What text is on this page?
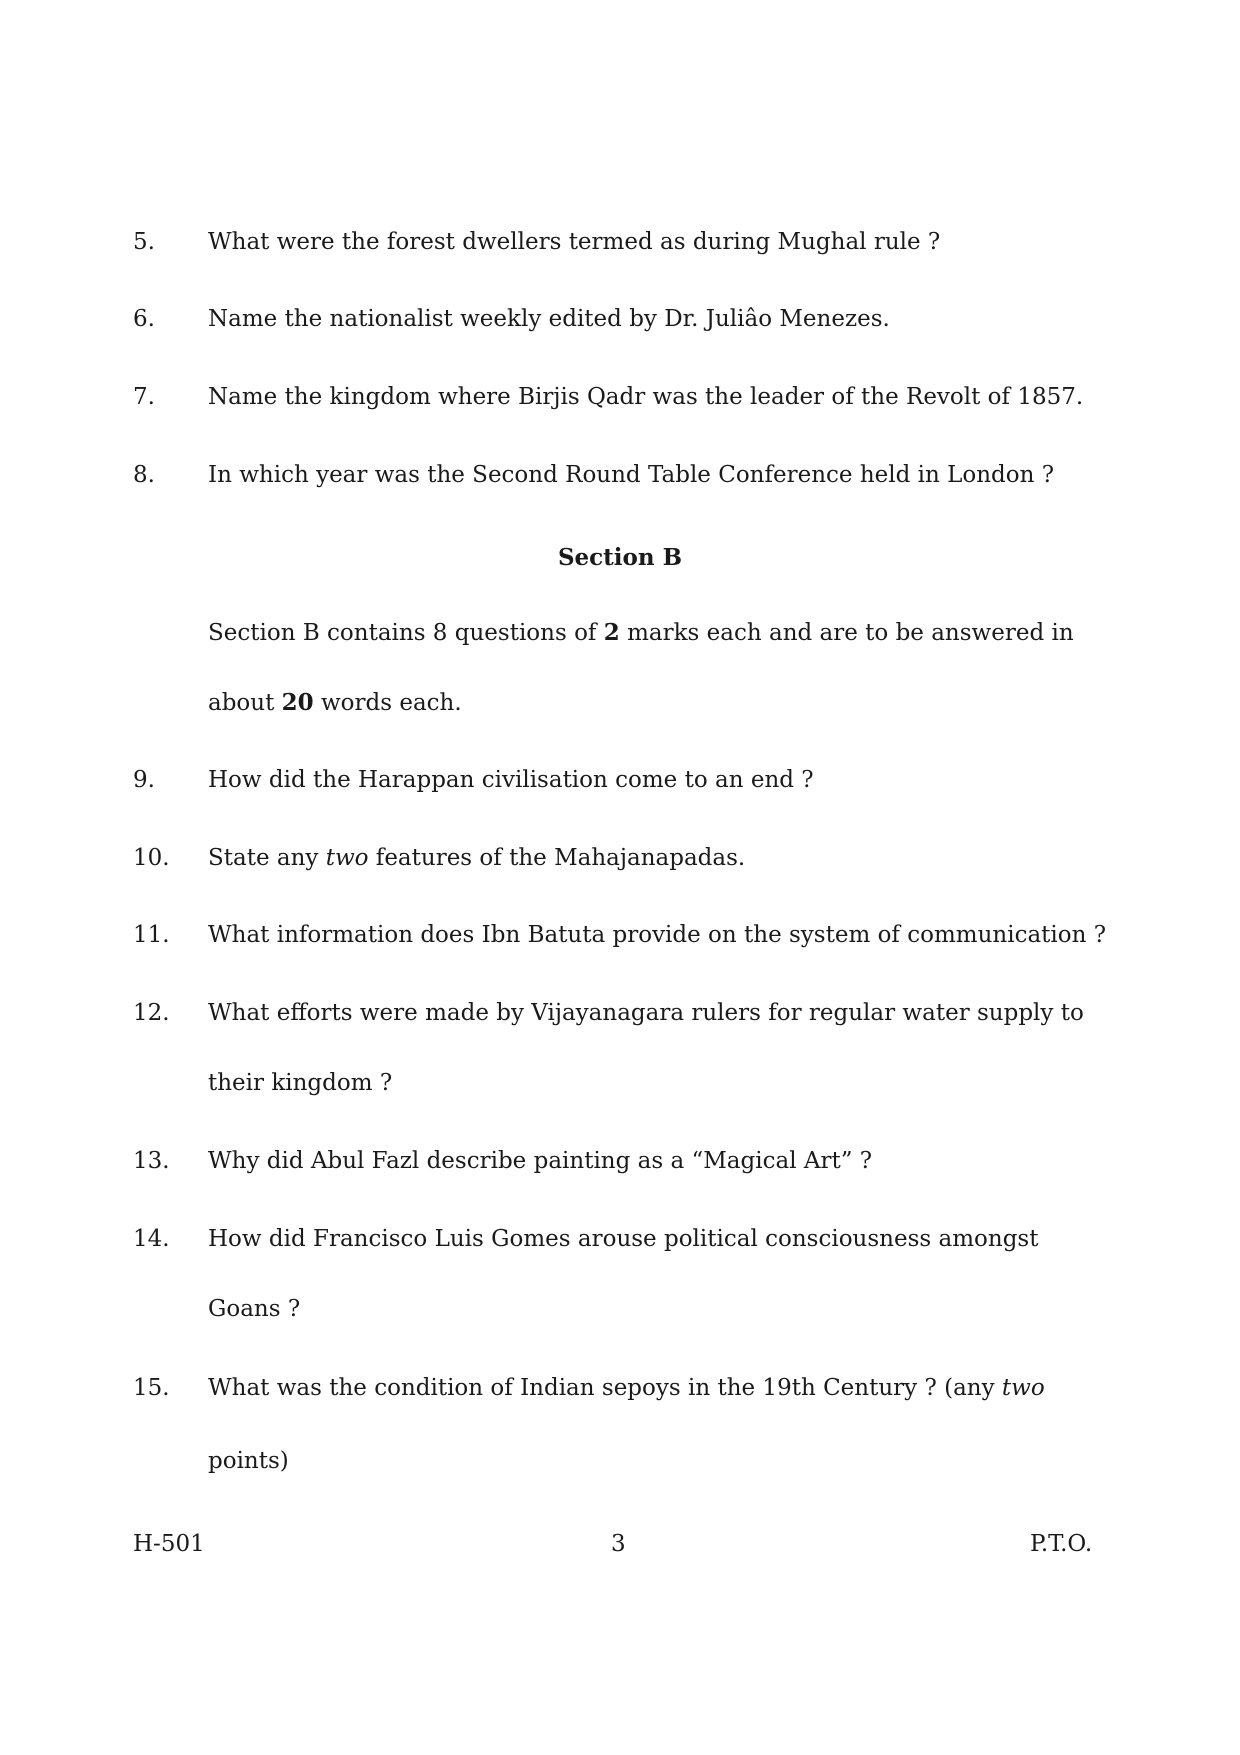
5. What were the forest dwellers termed as during Mughal rule ?
6. Name the nationalist weekly edited by Dr. Juliâo Menezes.
7. Name the kingdom where Birjis Qadr was the leader of the Revolt of 1857.
8. In which year was the Second Round Table Conference held in London ?
Section B
Section B contains 8 questions of 2 marks each and are to be answered in
about 20 words each.
9. How did the Harappan civilisation come to an end ?
10. State any two features of the Mahajanapadas.
11. What information does Ibn Batuta provide on the system of communication ?
12. What efforts were made by Vijayanagara rulers for regular water supply to
their kingdom ?
13. Why did Abul Fazl describe painting as a “Magical Art” ?
14. How did Francisco Luis Gomes arouse political consciousness amongst
Goans ?
15. What was the condition of Indian sepoys in the 19th Century ? (any two
points)
H-501	3	P.T.O.
